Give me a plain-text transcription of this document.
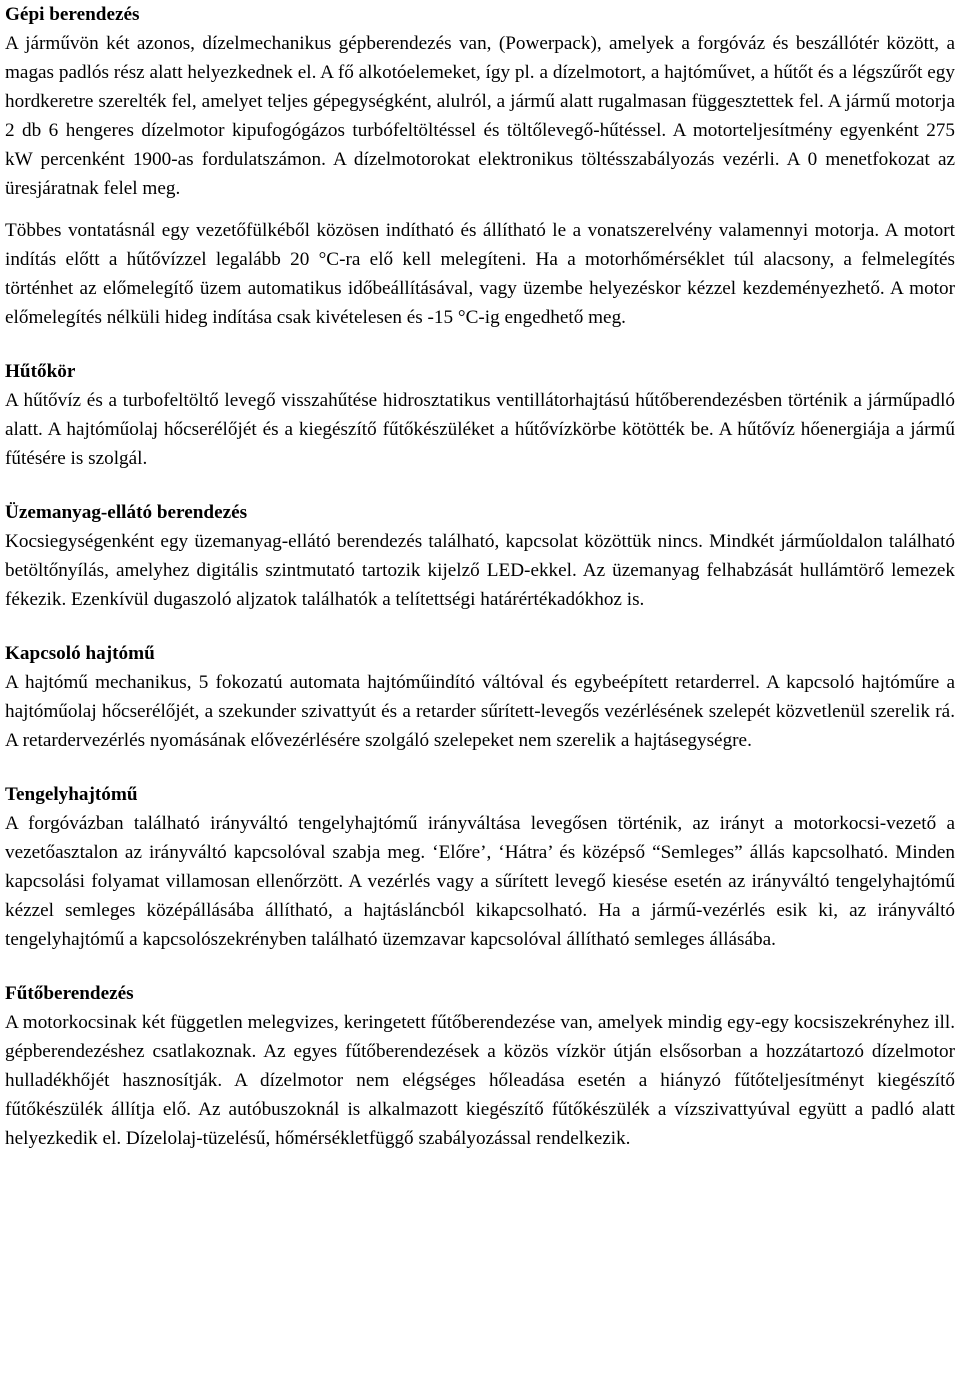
Gépi berendezés

A járművön két azonos, dízelmechanikus gépberendezés van, (Powerpack), amelyek a forgóváz és beszállótér között, a magas padlós rész alatt helyezkednek el. A fő alkotóelemeket, így pl. a dízelmotort, a hajtóművet, a hűtőt és a légszűrőt egy hordkeretre szerelték fel, amelyet teljes gépegységként, alulról, a jármű alatt rugalmasan függesztettek fel. A jármű motorja 2 db 6 hengeres dízelmotor kipufogógázos turbófeltöltéssel és töltőlevegő-hűtéssel. A motorteljesítmény egyenként 275 kW percenként 1900-as fordulatszámon. A dízelmotorokat elektronikus töltésszabályozás vezérli. A 0 menetfokozat az üresjáratnak felel meg.

Többes vontatásnál egy vezetőfülkéből közösen indítható és állítható le a vonatszerelvény valamennyi motorja. A motort indítás előtt a hűtővízzel legalább 20 °C-ra elő kell melegíteni. Ha a motorhőmérséklet túl alacsony, a felmelegítés történhet az előmelegítő üzem automatikus időbeállításával, vagy üzembe helyezéskor kézzel kezdeményezhető. A motor előmelegítés nélküli hideg indítása csak kivételesen és -15 °C-ig engedhető meg.

Hűtőkör

A hűtővíz és a turbofeltöltő levegő visszahűtése hidrosztatikus ventillátorhajtású hűtőberendezésben történik a járműpadló alatt. A hajtóműolaj hőcserélőjét és a kiegészítő fűtőkészüléket a hűtővízkörbe kötötték be. A hűtővíz hőenergiája a jármű fűtésére is szolgál.

Üzemanyag-ellátó berendezés

Kocsiegységenként egy üzemanyag-ellátó berendezés található, kapcsolat közöttük nincs. Mindkét járműoldalon található betöltőnyílás, amelyhez digitális szintmutató tartozik kijelző LED-ekkel. Az üzemanyag felhabzását hullámtörő lemezek fékezik. Ezenkívül dugaszoló aljzatok találhatók a telítettségi határértékadókhoz is.

Kapcsoló hajtómű

A hajtómű mechanikus, 5 fokozatú automata hajtóműindító váltóval és egybeépített retarderrel. A kapcsoló hajtóműre a hajtóműolaj hőcserélőjét, a szekunder szivattyút és a retarder sűrített-levegős vezérlésének szelepét közvetlenül szerelik rá. A retardervezérlés nyomásának elővezérlésére szolgáló szelepeket nem szerelik a hajtásegységre.

Tengelyhajtómű

A forgóvázban található irányváltó tengelyhajtómű irányváltása levegősen történik, az irányt a motorkocsi-vezető a vezetőasztalon az irányváltó kapcsolóval szabja meg. ‘Előre’, ‘Hátra’ és középső “Semleges” állás kapcsolható. Minden kapcsolási folyamat villamosan ellenőrzött. A vezérlés vagy a sűrített levegő kiesése esetén az irányváltó tengelyhajtómű kézzel semleges középállásába állítható, a hajtásláncból kikapcsolható. Ha a jármű-vezérlés esik ki, az irányváltó tengelyhajtómű a kapcsolószekrényben található üzemzavar kapcsolóval állítható semleges állásába.

Fűtőberendezés

A motorkocsinak két független melegvizes, keringetett fűtőberendezése van, amelyek mindig egy-egy kocsiszekrényhez ill. gépberendezéshez csatlakoznak. Az egyes fűtőberendezések a közös vízkör útján elsősorban a hozzátartozó dízelmotor hulladékhőjét hasznosítják. A dízelmotor nem elégséges hőleadása esetén a hiányzó fűtőteljesítményt kiegészítő fűtőkészülék állítja elő. Az autóbuszoknál is alkalmazott kiegészítő fűtőkészülék a vízszivattyúval együtt a padló alatt helyezkedik el. Dízelolaj-tüzelésű, hőmérsékletfüggő szabályozással rendelkezik.
